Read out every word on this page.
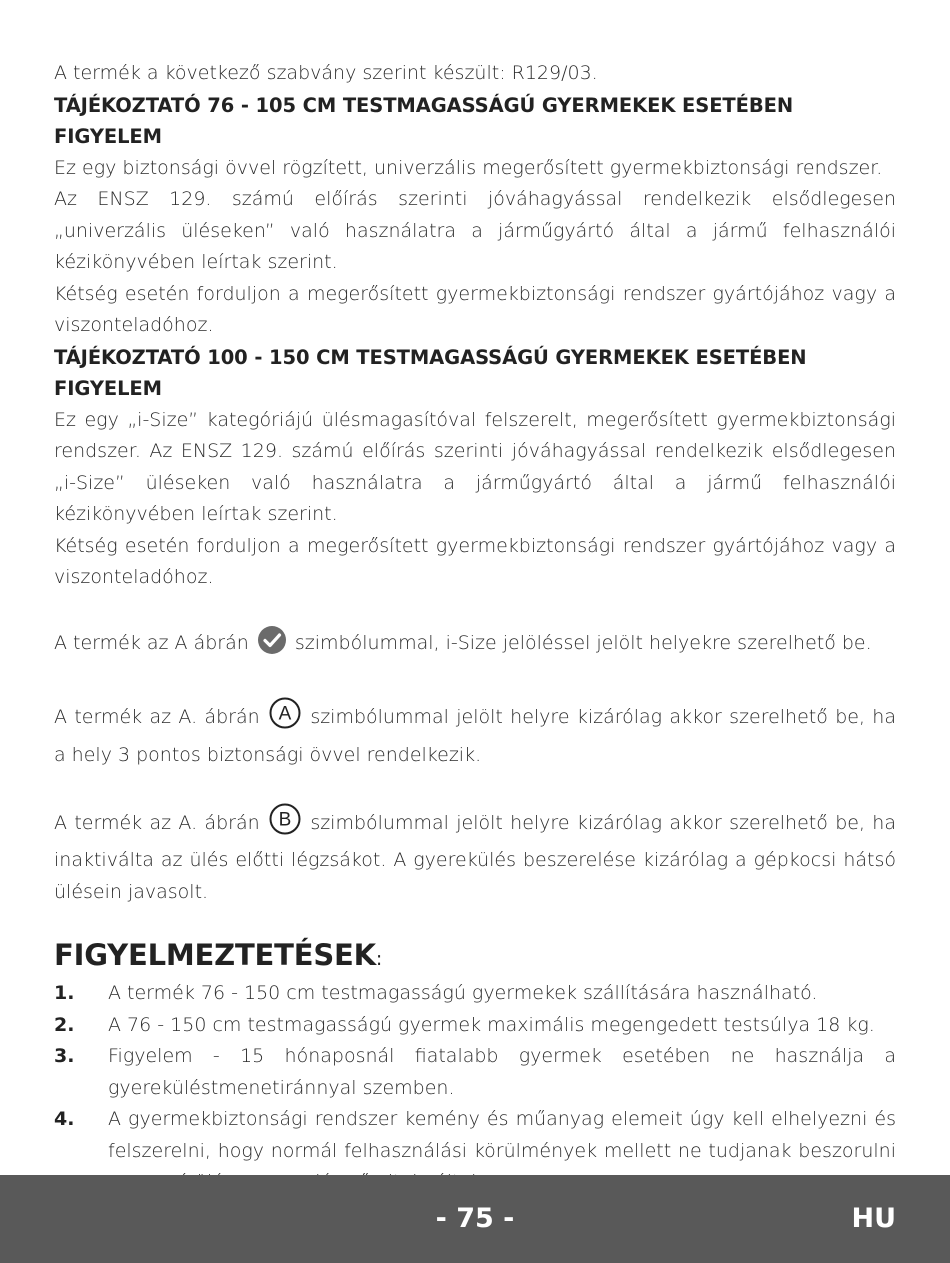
A termék a következő szabvány szerint készült: R129/03.

TÁJÉKOZTATÓ 76 - 105 CM TESTMAGASSÁGÚ GYERMEKEK ESETÉBEN

FIGYELEM

Ez egy biztonsági övvel rögzített, univerzális megerősített gyermekbiztonsági rendszer.

Az ENSZ 129. számú előírás szerinti jóváhagyással rendelkezik elsődlegesen „univerzális üléseken” való használatra a járműgyártó által a jármű felhasználói kézikönyvében leírtak szerint.

Kétség esetén forduljon a megerősített gyermekbiztonsági rendszer gyártójához vagy a viszonteladóhoz.

TÁJÉKOZTATÓ 100 - 150 CM TESTMAGASSÁGÚ GYERMEKEK ESETÉBEN

FIGYELEM

Ez egy „i-Size” kategóriájú ülésmagasítóval felszerelt, megerősített gyermekbiztonsági rendszer. Az ENSZ 129. számú előírás szerinti jóváhagyással rendelkezik elsődlegesen „i-Size” üléseken való használatra a járműgyártó által a jármű felhasználói kézikönyvében leírtak szerint.

Kétség esetén forduljon a megerősített gyermekbiztonsági rendszer gyártójához vagy a viszonteladóhoz.

A termék az A ábrán szimbólummal, i-Size jelöléssel jelölt helyekre szerelhető be.

A termék az A. ábrán A szimbólummal jelölt helyre kizárólag akkor szerelhető be, ha a hely 3 pontos biztonsági övvel rendelkezik.

A termék az A. ábrán B szimbólummal jelölt helyre kizárólag akkor szerelhető be, ha inaktiválta az ülés előtti légzsákot. A gyerekülés beszerelése kizárólag a gépkocsi hátsó ülésein javasolt.

FIGYELMEZTETÉSEK:

1.	A termék 76 - 150 cm testmagasságú gyermekek szállítására használható.
2.	A 76 - 150 cm testmagasságú gyermek maximális megengedett testsúlya 18 kg.
3.	Figyelem - 15 hónaposnál fiatalabb gyermek esetében ne használja a gyereküléstmenetiránnyal szemben.
4.	A gyermekbiztonsági rendszer kemény és műanyag elemeit úgy kell elhelyezni és felszerelni, hogy normál felhasználási körülmények mellett ne tudjanak beszorulni
- 75 -	HU
